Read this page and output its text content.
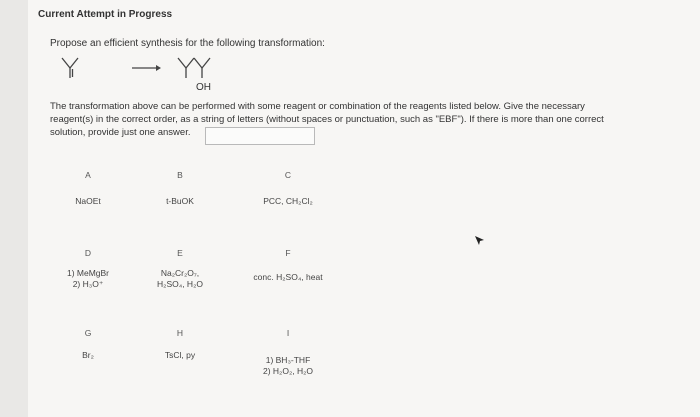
Current Attempt in Progress
Propose an efficient synthesis for the following transformation:
OH
The transformation above can be performed with some reagent or combination of the reagents listed below. Give the necessary
reagent(s) in the correct order, as a string of letters (without spaces or punctuation, such as "EBF"). If there is more than one correct
solution, provide just one answer.
A
NaOEt
B
t-BuOK
C
PCC, CH₂Cl₂
D
1) MeMgBr
2) H₃O⁺
E
Na₂Cr₂O₇,
H₂SO₄, H₂O
F
conc. H₂SO₄, heat
G
Br₂
H
TsCl, py
I
1) BH₃-THF
2) H₂O₂, H₂O
